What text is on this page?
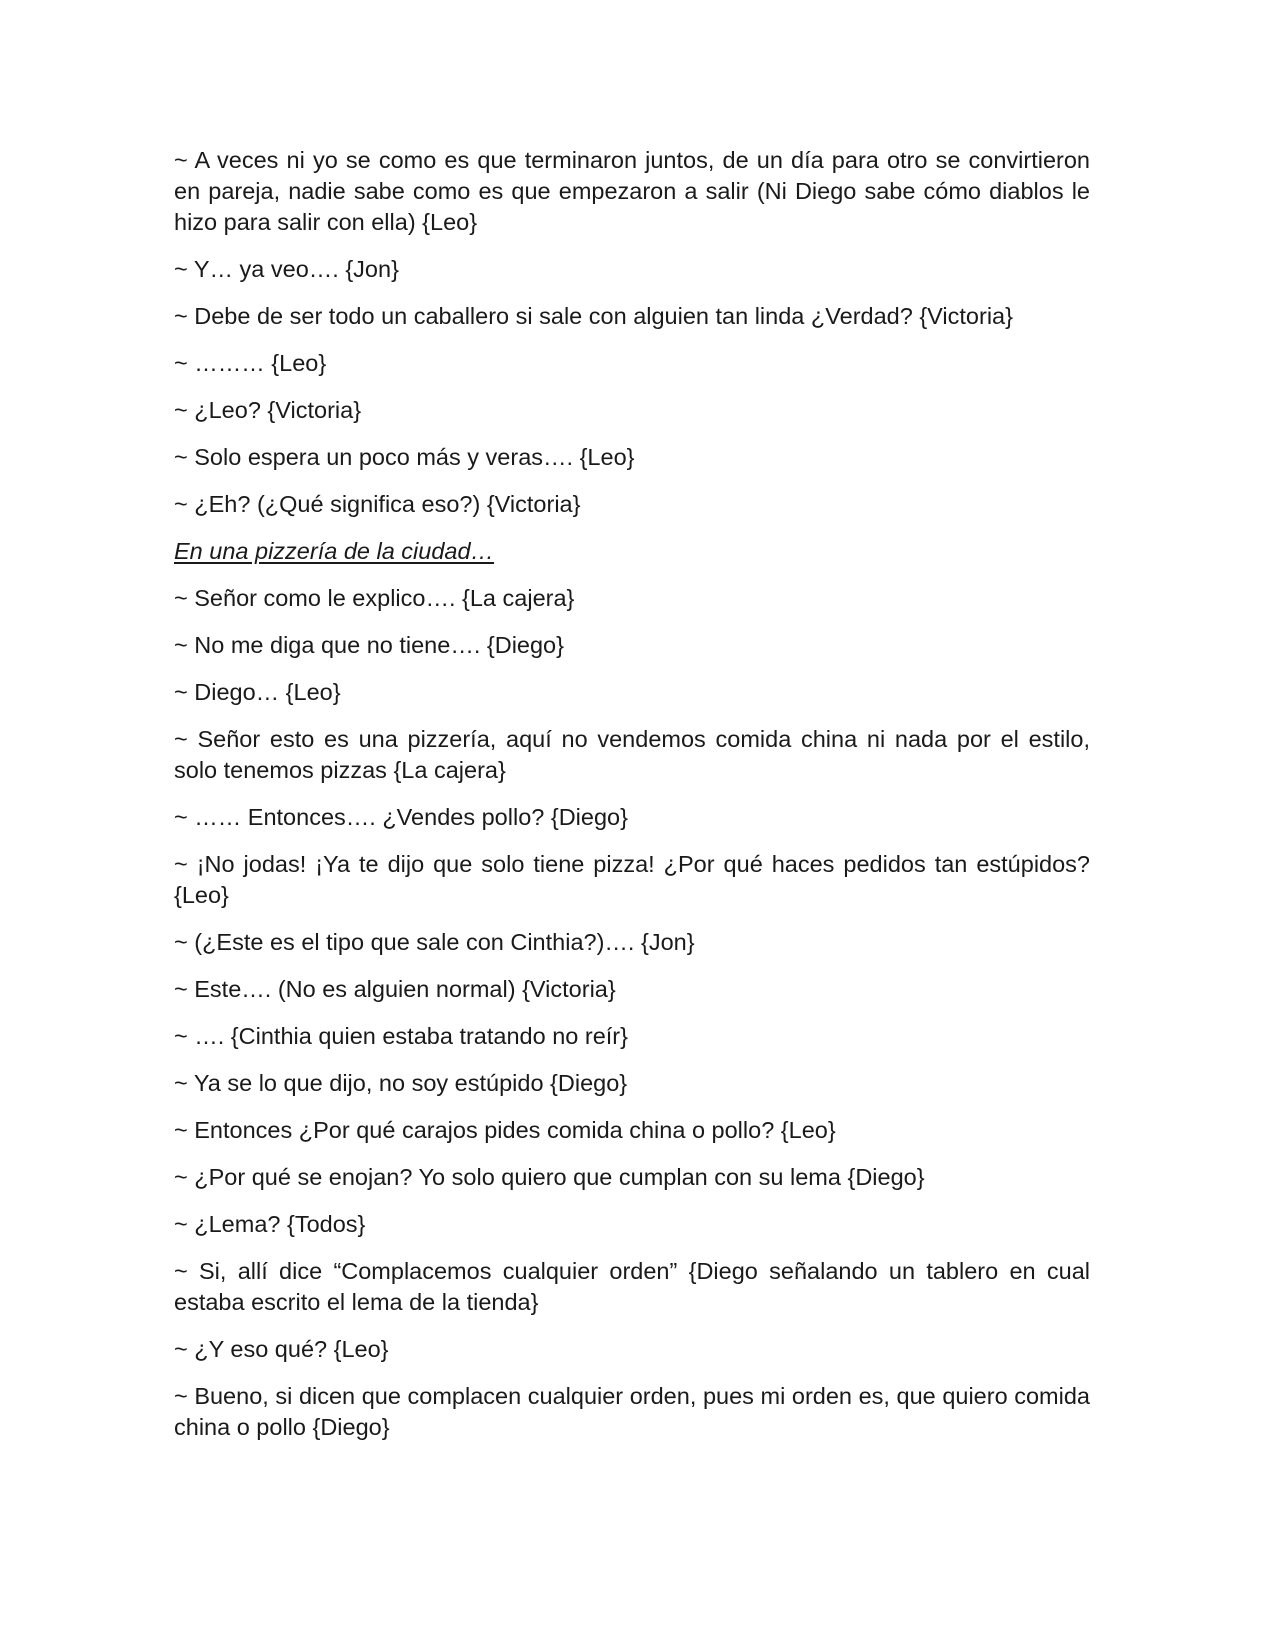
~ A veces ni yo se como es que terminaron juntos, de un día para otro se convirtieron en pareja, nadie sabe como es que empezaron a salir (Ni Diego sabe cómo diablos le hizo para salir con ella) {Leo}

~ Y… ya veo…. {Jon}

~ Debe de ser todo un caballero si sale con alguien tan linda ¿Verdad? {Victoria}

~ ……… {Leo}

~ ¿Leo? {Victoria}

~ Solo espera un poco más y veras…. {Leo}

~ ¿Eh? (¿Qué significa eso?) {Victoria}

En una pizzería de la ciudad…

~ Señor como le explico…. {La cajera}

~ No me diga que no tiene…. {Diego}

~ Diego… {Leo}

~ Señor esto es una pizzería, aquí no vendemos comida china ni nada por el estilo, solo tenemos pizzas {La cajera}

~ …… Entonces…. ¿Vendes pollo? {Diego}

~ ¡No jodas! ¡Ya te dijo que solo tiene pizza! ¿Por qué haces pedidos tan estúpidos? {Leo}

~ (¿Este es el tipo que sale con Cinthia?)…. {Jon}

~ Este…. (No es alguien normal) {Victoria}

~ …. {Cinthia quien estaba tratando no reír}

~ Ya se lo que dijo, no soy estúpido {Diego}

~ Entonces ¿Por qué carajos pides comida china o pollo? {Leo}

~ ¿Por qué se enojan? Yo solo quiero que cumplan con su lema {Diego}

~ ¿Lema? {Todos}

~ Si, allí dice “Complacemos cualquier orden” {Diego señalando un tablero en cual estaba escrito el lema de la tienda}

~ ¿Y eso qué? {Leo}

~ Bueno, si dicen que complacen cualquier orden, pues mi orden es, que quiero comida china o pollo {Diego}
